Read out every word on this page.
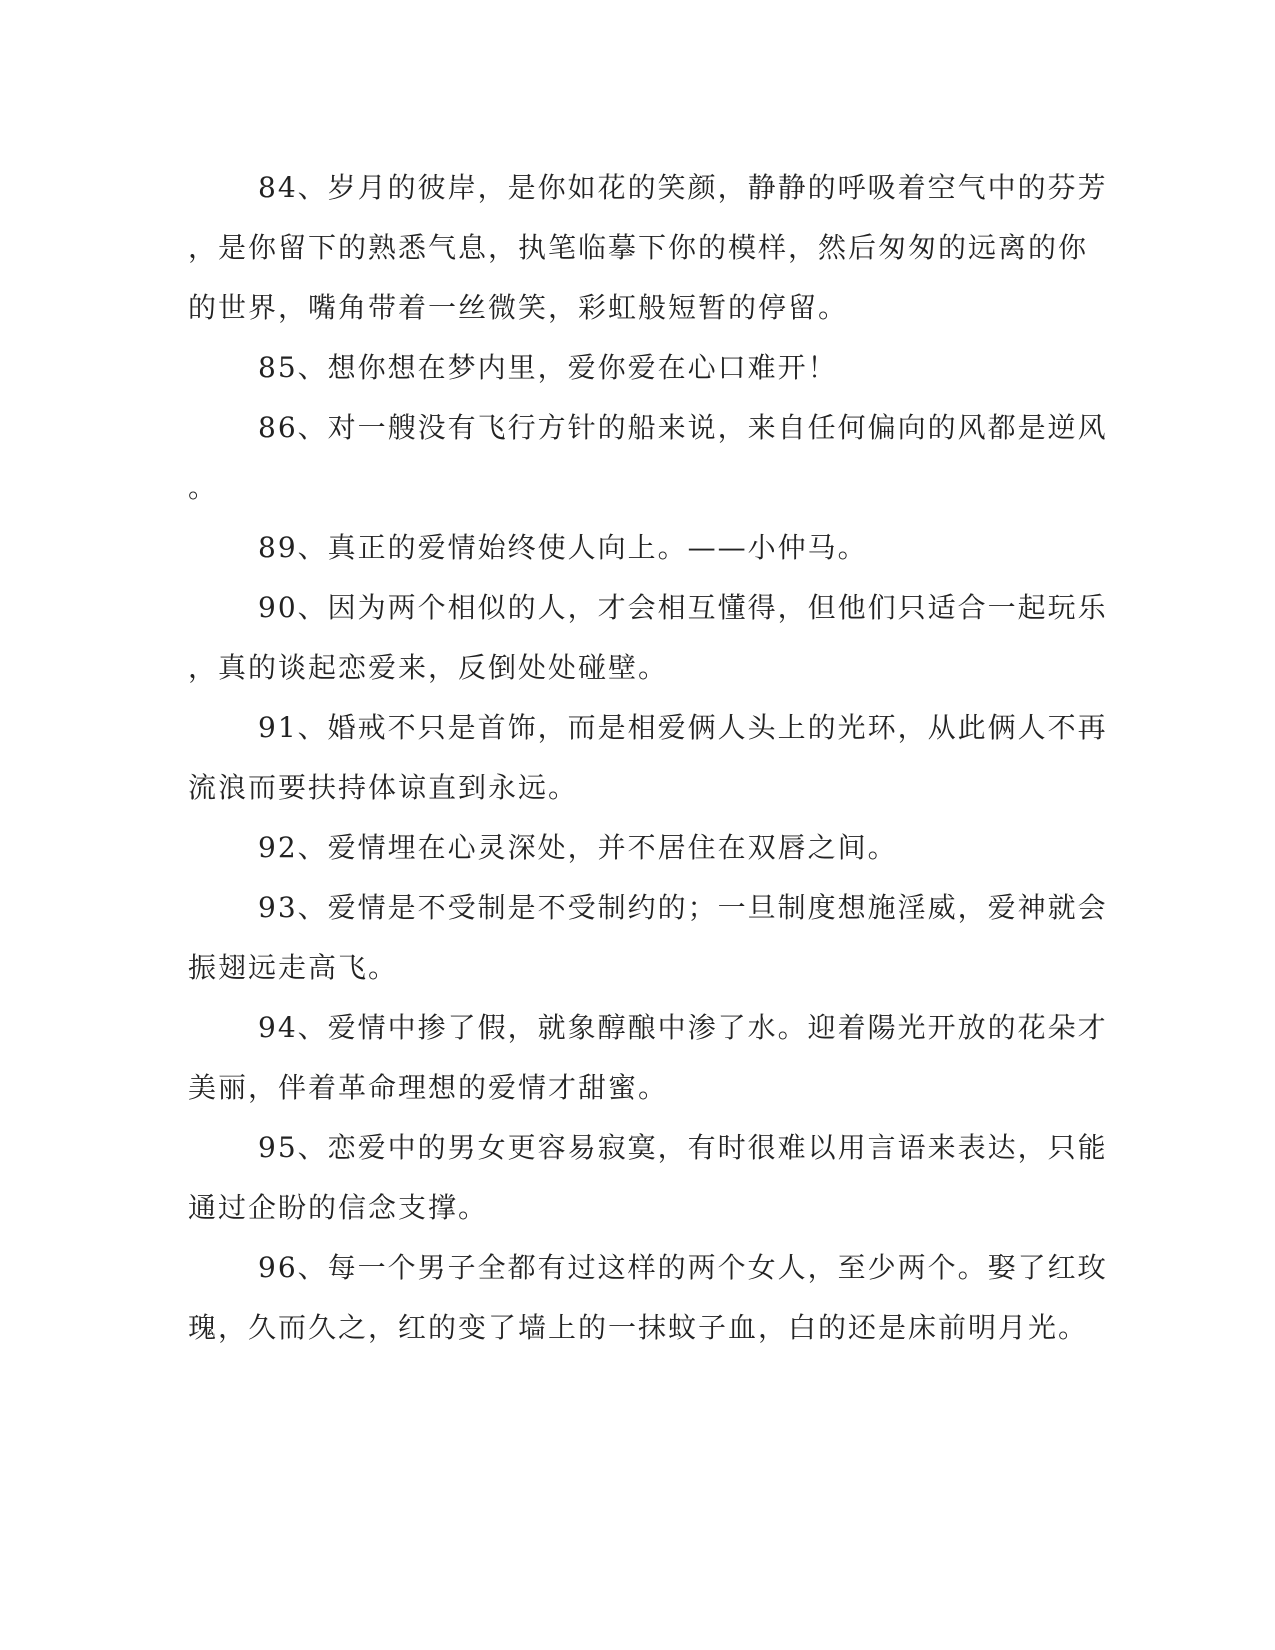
84、岁月的彼岸，是你如花的笑颜，静静的呼吸着空气中的芬芳
，是你留下的熟悉气息，执笔临摹下你的模样，然后匆匆的远离的你
的世界，嘴角带着一丝微笑，彩虹般短暂的停留。
85、想你想在梦内里，爱你爱在心口难开！
86、对一艘没有飞行方针的船来说，来自任何偏向的风都是逆风
。
89、真正的爱情始终使人向上。——小仲马。
90、因为两个相似的人，才会相互懂得，但他们只适合一起玩乐
，真的谈起恋爱来，反倒处处碰壁。
91、婚戒不只是首饰，而是相爱俩人头上的光环，从此俩人不再
流浪而要扶持体谅直到永远。
92、爱情埋在心灵深处，并不居住在双唇之间。
93、爱情是不受制是不受制约的；一旦制度想施淫威，爱神就会
振翅远走高飞。
94、爱情中掺了假，就象醇酿中渗了水。迎着陽光开放的花朵才
美丽，伴着革命理想的爱情才甜蜜。
95、恋爱中的男女更容易寂寞，有时很难以用言语来表达，只能
通过企盼的信念支撑。
96、每一个男子全都有过这样的两个女人，至少两个。娶了红玫
瑰，久而久之，红的变了墙上的一抹蚊子血，白的还是床前明月光。
